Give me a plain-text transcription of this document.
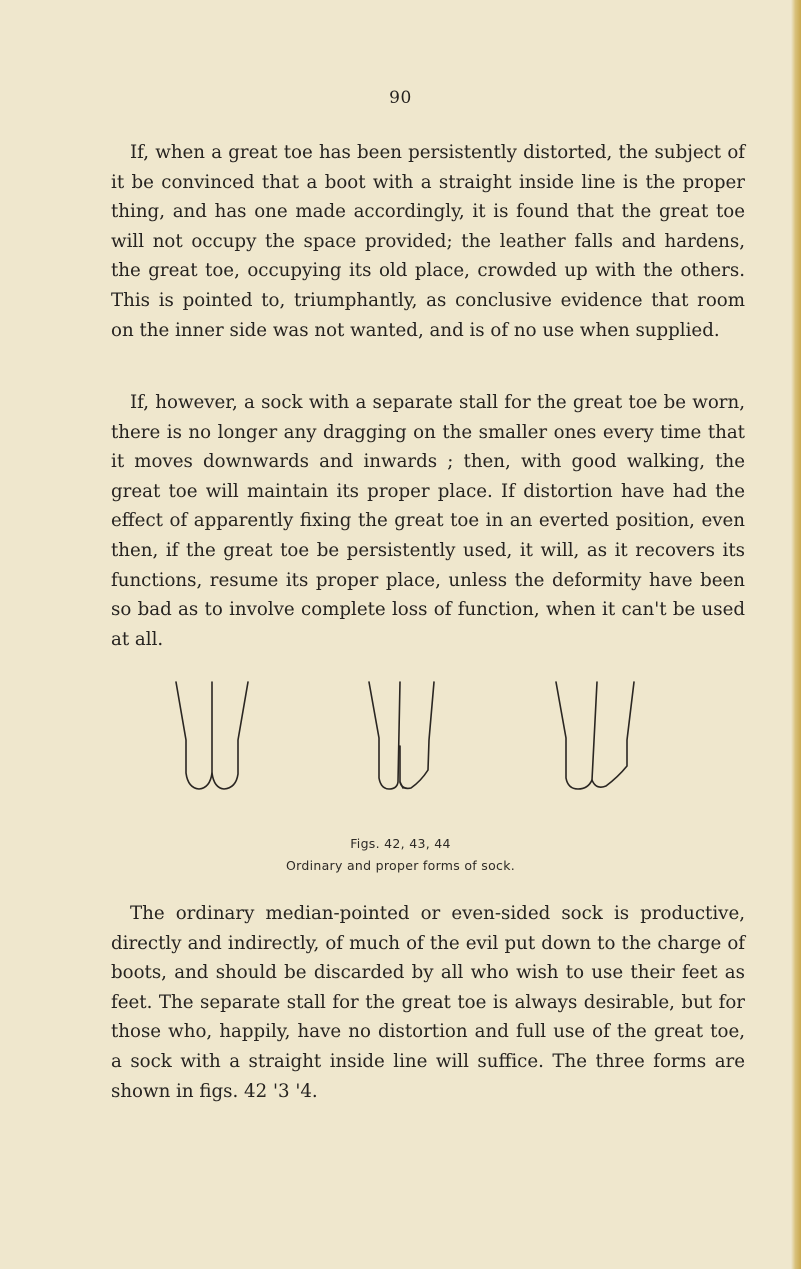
90

If, when a great toe has been persistently distorted, the subject of it be convinced that a boot with a straight inside line is the proper thing, and has one made accordingly, it is found that the great toe will not occupy the space provided; the leather falls and hardens, the great toe, occupying its old place, crowded up with the others. This is pointed to, triumphantly, as conclusive evidence that room on the inner side was not wanted, and is of no use when supplied.

If, however, a sock with a separate stall for the great toe be worn, there is no longer any dragging on the smaller ones every time that it moves downwards and inwards ; then, with good walking, the great toe will maintain its proper place. If distortion have had the effect of apparently fixing the great toe in an everted position, even then, if the great toe be persistently used, it will, as it recovers its functions, resume its proper place, unless the deformity have been so bad as to involve complete loss of function, when it can't be used at all.

Figs. 42, 43, 44
Ordinary and proper forms of sock.

The ordinary median-pointed or even-sided sock is productive, directly and indirectly, of much of the evil put down to the charge of boots, and should be discarded by all who wish to use their feet as feet. The separate stall for the great toe is always desirable, but for those who, happily, have no distortion and full use of the great toe, a sock with a straight inside line will suffice. The three forms are shown in figs. 42 '3 '4.
